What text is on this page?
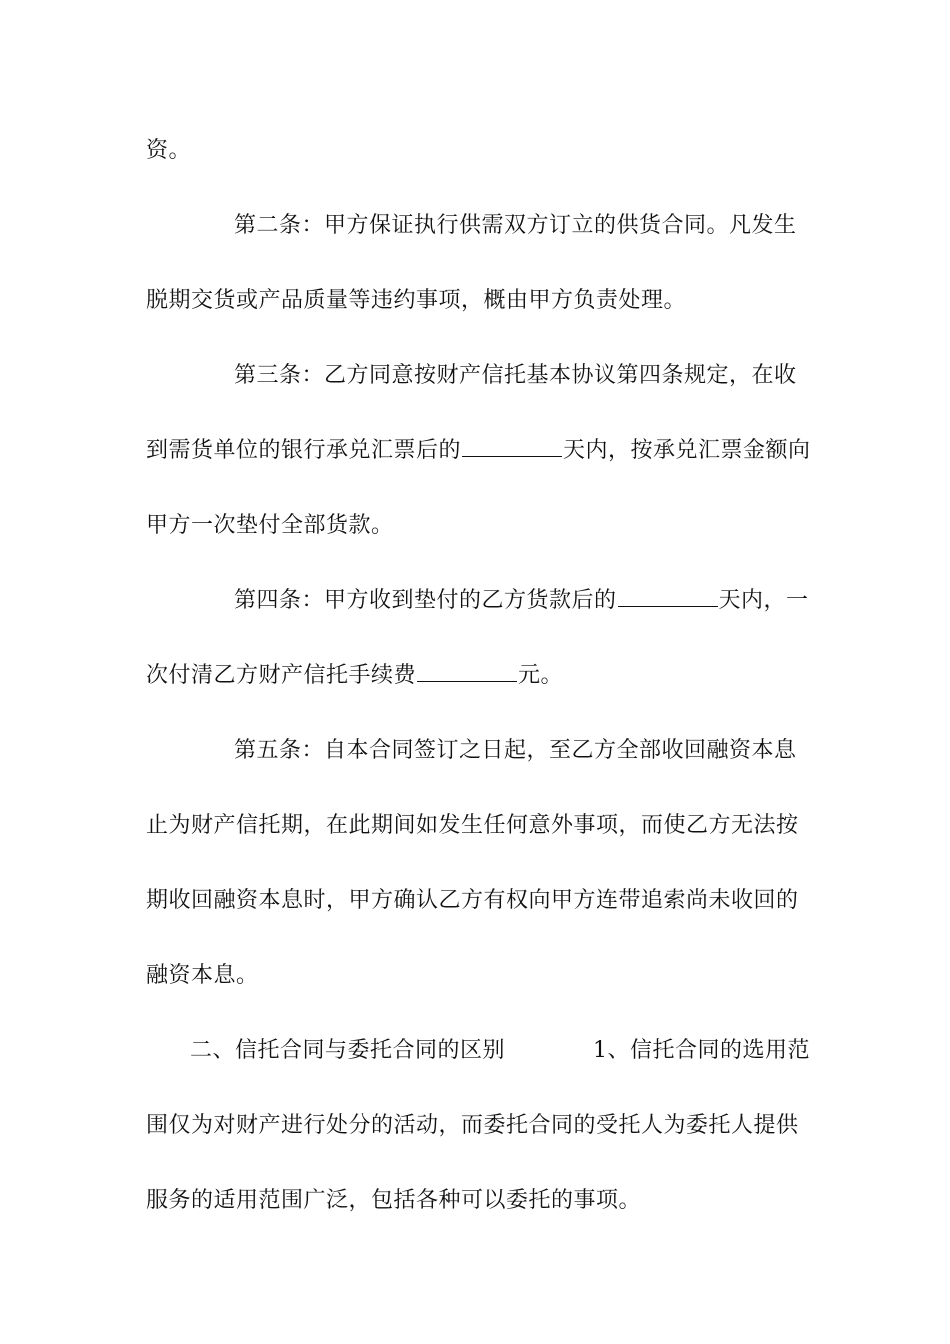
资。
第二条：甲方保证执行供需双方订立的供货合同。凡发生
脱期交货或产品质量等违约事项，概由甲方负责处理。
第三条：乙方同意按财产信托基本协议第四条规定，在收
到需货单位的银行承兑汇票后的	天内，按承兑汇票金额向
甲方一次垫付全部货款。
第四条：甲方收到垫付的乙方货款后的	天内，一
次付清乙方财产信托手续费	元。
第五条：自本合同签订之日起，至乙方全部收回融资本息
止为财产信托期，在此期间如发生任何意外事项，而使乙方无法按
期收回融资本息时，甲方确认乙方有权向甲方连带追索尚未收回的
融资本息。
二、信托合同与委托合同的区别	1、信托合同的选用范
围仅为对财产进行处分的活动，而委托合同的受托人为委托人提供
服务的适用范围广泛，包括各种可以委托的事项。
